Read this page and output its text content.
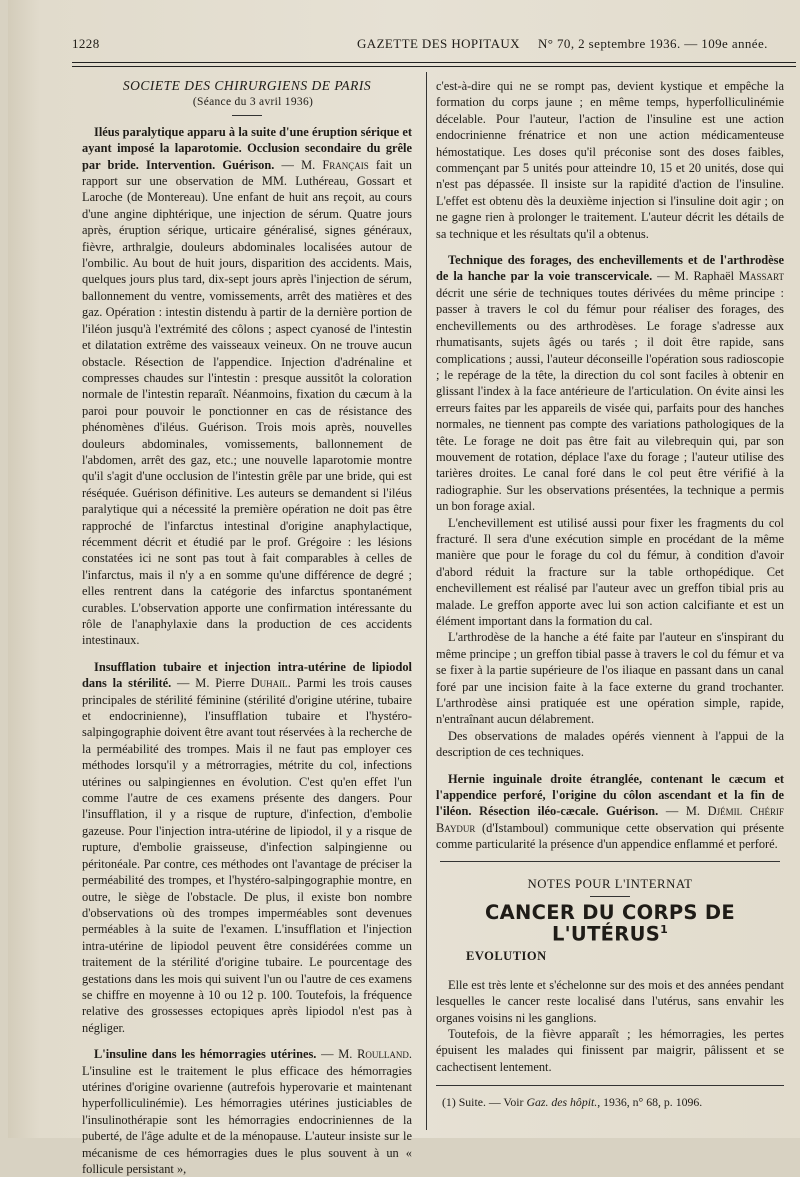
1228	GAZETTE DES HOPITAUX N° 70, 2 septembre 1936. — 109e année.
SOCIETE DES CHIRURGIENS DE PARIS

(Séance du 3 avril 1936)

Iléus paralytique apparu à la suite d'une éruption sérique et ayant imposé la laparotomie. Occlusion secondaire du grêle par bride. Intervention. Guérison. — M. Français fait un rapport sur une observation de MM. Luthéreau, Gossart et Laroche (de Montereau). Une enfant de huit ans reçoit, au cours d'une angine diphtérique, une injection de sérum. Quatre jours après, éruption sérique, urticaire généralisé, signes généraux, fièvre, arthralgie, douleurs abdominales localisées autour de l'ombilic. Au bout de huit jours, disparition des accidents. Mais, quelques jours plus tard, dix-sept jours après l'injection de sérum, ballonnement du ventre, vomissements, arrêt des matières et des gaz. Opération : intestin distendu à partir de la dernière portion de l'iléon jusqu'à l'extrémité des côlons ; aspect cyanosé de l'intestin et dilatation extrême des vaisseaux veineux. On ne trouve aucun obstacle. Résection de l'appendice. Injection d'adrénaline et compresses chaudes sur l'intestin : presque aussitôt la coloration normale de l'intestin reparaît. Néanmoins, fixation du cæcum à la paroi pour pouvoir le ponctionner en cas de résistance des phénomènes d'iléus. Guérison. Trois mois après, nouvelles douleurs abdominales, vomissements, ballonnement de l'abdomen, arrêt des gaz, etc.; une nouvelle laparotomie montre qu'il s'agit d'une occlusion de l'intestin grêle par une bride, qui est réséquée. Guérison définitive. Les auteurs se demandent si l'iléus paralytique qui a nécessité la première opération ne doit pas être rapproché de l'infarctus intestinal d'origine anaphylactique, récemment décrit et étudié par le prof. Grégoire : les lésions constatées ici ne sont pas tout à fait comparables à celles de l'infarctus, mais il n'y a en somme qu'une différence de degré ; elles rentrent dans la catégorie des infarctus spontanément curables. L'observation apporte une confirmation intéressante du rôle de l'anaphylaxie dans la production de ces accidents intestinaux.

Insufflation tubaire et injection intra-utérine de lipiodol dans la stérilité. — M. Pierre Duhail. Parmi les trois causes principales de stérilité féminine (stérilité d'origine utérine, tubaire et endocrinienne), l'insufflation tubaire et l'hystéro-salpingographie doivent être avant tout réservées à la recherche de la perméabilité des trompes. Mais il ne faut pas employer ces méthodes lorsqu'il y a métrorragies, métrite du col, infections utérines ou salpingiennes en évolution. C'est qu'en effet l'un comme l'autre de ces examens présente des dangers. Pour l'insufflation, il y a risque de rupture, d'infection, d'embolie gazeuse. Pour l'injection intra-utérine de lipiodol, il y a risque de rupture, d'embolie graisseuse, d'infection salpingienne ou péritonéale. Par contre, ces méthodes ont l'avantage de préciser la perméabilité des trompes, et l'hystéro-salpingographie montre, en outre, le siège de l'obstacle. De plus, il existe bon nombre d'observations où des trompes imperméables sont devenues perméables à la suite de l'examen. L'insufflation et l'injection intra-utérine de lipiodol peuvent être considérées comme un traitement de la stérilité d'origine tubaire. Le pourcentage des gestations dans les mois qui suivent l'un ou l'autre de ces examens se chiffre en moyenne à 10 ou 12 p. 100. Toutefois, la fréquence relative des grossesses ectopiques après lipiodol n'est pas à négliger.

L'insuline dans les hémorragies utérines. — M. Roulland. L'insuline est le traitement le plus efficace des hémorragies utérines d'origine ovarienne (autrefois hyperovarie et maintenant hyperfolliculinémie). Les hémorragies utérines justiciables de l'insulinothérapie sont les hémorragies endocriniennes de la puberté, de l'âge adulte et de la ménopause. L'auteur insiste sur le mécanisme de ces hémorragies dues le plus souvent à un « follicule persistant »,

c'est-à-dire qui ne se rompt pas, devient kystique et empêche la formation du corps jaune ; en même temps, hyperfolliculinémie décelable. Pour l'auteur, l'action de l'insuline est une action endocrinienne frénatrice et non une action médicamenteuse hémostatique. Les doses qu'il préconise sont des doses faibles, commençant par 5 unités pour atteindre 10, 15 et 20 unités, dose qui n'est pas dépassée. Il insiste sur la rapidité d'action de l'insuline. L'effet est obtenu dès la deuxième injection si l'insuline doit agir ; on ne gagne rien à prolonger le traitement. L'auteur décrit les détails de sa technique et les résultats qu'il a obtenus.

Technique des forages, des enchevillements et de l'arthrodèse de la hanche par la voie transcervicale. — M. Raphaël Massart décrit une série de techniques toutes dérivées du même principe : passer à travers le col du fémur pour réaliser des forages, des enchevillements ou des arthrodèses. Le forage s'adresse aux rhumatisants, sujets âgés ou tarés ; il doit être rapide, sans complications ; aussi, l'auteur déconseille l'opération sous radioscopie ; le repérage de la tête, la direction du col sont faciles à obtenir en glissant l'index à la face antérieure de l'articulation. On évite ainsi les erreurs faites par les appareils de visée qui, parfaits pour des hanches normales, ne tiennent pas compte des variations pathologiques de la tête. Le forage ne doit pas être fait au vilebrequin qui, par son mouvement de rotation, déplace l'axe du forage ; l'auteur utilise des tarières droites. Le canal foré dans le col peut être vérifié à la radiographie. Sur les observations présentées, la technique a permis un bon forage axial.

L'enchevillement est utilisé aussi pour fixer les fragments du col fracturé. Il sera d'une exécution simple en procédant de la même manière que pour le forage du col du fémur, à condition d'avoir d'abord réduit la fracture sur la table orthopédique. Cet enchevillement est réalisé par l'auteur avec un greffon tibial pris au malade. Le greffon apporte avec lui son action calcifiante et est un élément important dans la formation du cal.

L'arthrodèse de la hanche a été faite par l'auteur en s'inspirant du même principe ; un greffon tibial passe à travers le col du fémur et va se fixer à la partie supérieure de l'os iliaque en passant dans un canal foré par une incision faite à la face externe du grand trochanter. L'arthrodèse ainsi pratiquée est une opération simple, rapide, n'entraînant aucun délabrement.

Des observations de malades opérés viennent à l'appui de la description de ces techniques.

Hernie inguinale droite étranglée, contenant le cæcum et l'appendice perforé, l'origine du côlon ascendant et la fin de l'iléon. Résection iléo-cæcale. Guérison. — M. Djémil Chérif Baydur (d'Istamboul) communique cette observation qui présente comme particularité la présence d'un appendice enflammé et perforé.

NOTES POUR L'INTERNAT
CANCER DU CORPS DE L'UTÉRUS$^1$
EVOLUTION

Elle est très lente et s'échelonne sur des mois et des années pendant lesquelles le cancer reste localisé dans l'utérus, sans envahir les organes voisins ni les ganglions.

Toutefois, de la fièvre apparaît ; les hémorragies, les pertes épuisent les malades qui finissent par maigrir, pâlissent et se cachectisent lentement.

(1) Suite. — Voir Gaz. des hôpit., 1936, n° 68, p. 1096.
